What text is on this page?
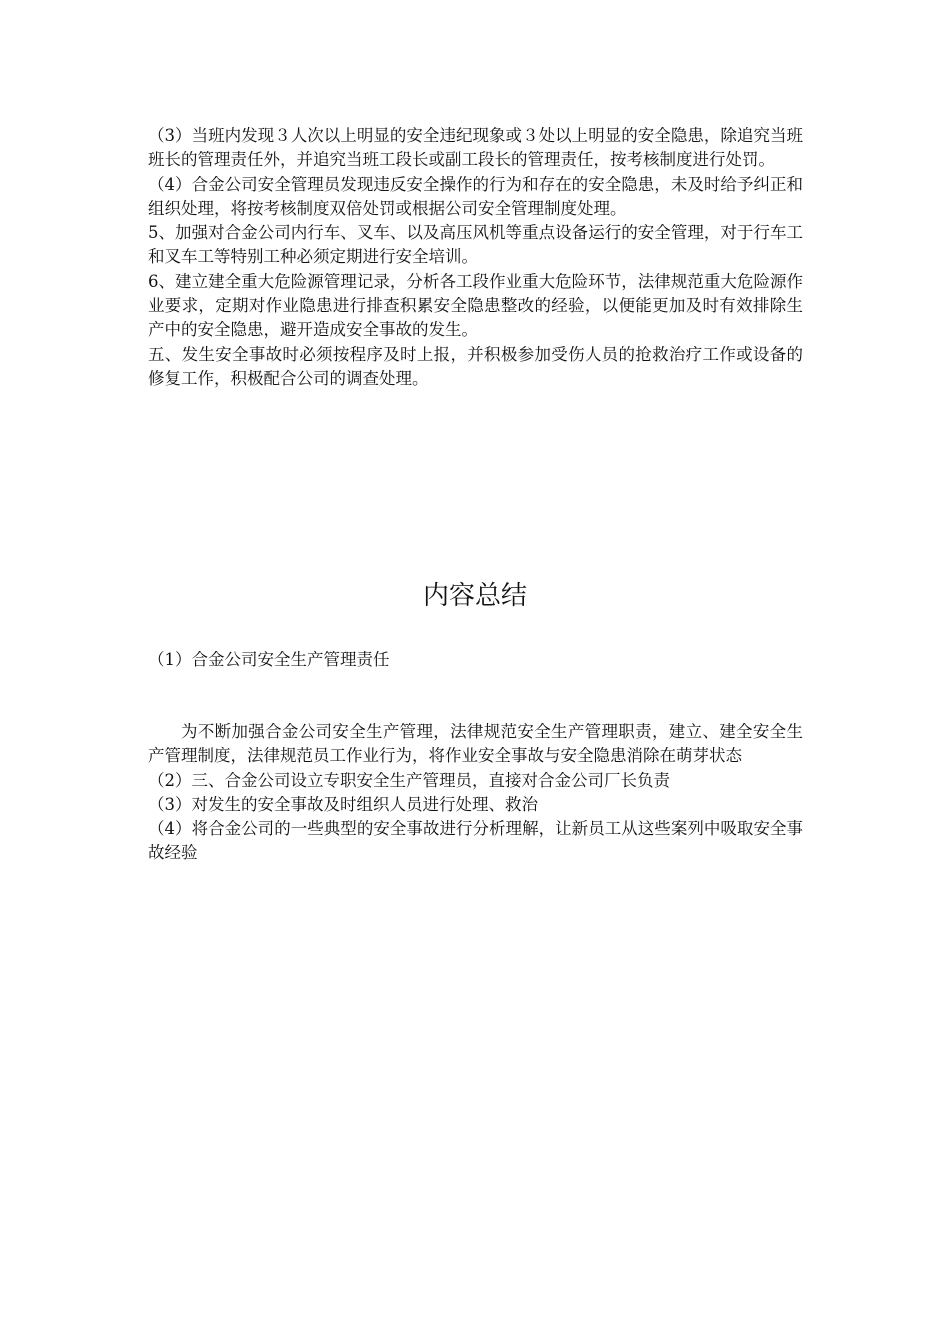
（3）当班内发现３人次以上明显的安全违纪现象或３处以上明显的安全隐患，除追究当班班长的管理责任外，并追究当班工段长或副工段长的管理责任，按考核制度进行处罚。

（4）合金公司安全管理员发现违反安全操作的行为和存在的安全隐患，未及时给予纠正和组织处理，将按考核制度双倍处罚或根据公司安全管理制度处理。

5、加强对合金公司内行车、叉车、以及高压风机等重点设备运行的安全管理，对于行车工和叉车工等特别工种必须定期进行安全培训。

6、建立建全重大危险源管理记录，分析各工段作业重大危险环节，法律规范重大危险源作业要求，定期对作业隐患进行排查积累安全隐患整改的经验，以便能更加及时有效排除生产中的安全隐患，避开造成安全事故的发生。

五、发生安全事故时必须按程序及时上报，并积极参加受伤人员的抢救治疗工作或设备的修复工作，积极配合公司的调查处理。

内容总结

（1）合金公司安全生产管理责任

为不断加强合金公司安全生产管理，法律规范安全生产管理职责，建立、建全安全生产管理制度，法律规范员工作业行为，将作业安全事故与安全隐患消除在萌芽状态

（2）三、合金公司设立专职安全生产管理员，直接对合金公司厂长负责

（3）对发生的安全事故及时组织人员进行处理、救治

（4）将合金公司的一些典型的安全事故进行分析理解，让新员工从这些案列中吸取安全事故经验
